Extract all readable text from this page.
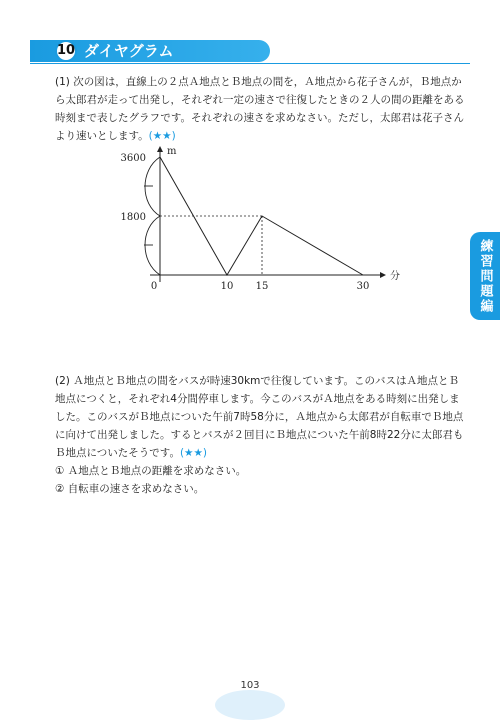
10 ダイヤグラム
練習問題編
(1) 次の図は，直線上の２点Ａ地点とＢ地点の間を，Ａ地点から花子さんが，Ｂ地点から太郎君が走って出発し，それぞれ一定の速さで往復したときの２人の間の距離をある時刻まで表したグラフです。それぞれの速さを求めなさい。ただし，太郎君は花子さんより速いとします。(★★)
3600
1800
0	10 15	30
m
分
(2) Ａ地点とＢ地点の間をバスが時速30kmで往復しています。このバスはＡ地点とＢ地点につくと，それぞれ4分間停車します。今このバスがＡ地点をある時刻に出発しました。このバスがＢ地点についた午前7時58分に，Ａ地点から太郎君が自転車でＢ地点に向けて出発しました。するとバスが２回目にＢ地点についた午前8時22分に太郎君もＢ地点についたそうです。(★★)
① Ａ地点とＢ地点の距離を求めなさい。
② 自転車の速さを求めなさい。
103
